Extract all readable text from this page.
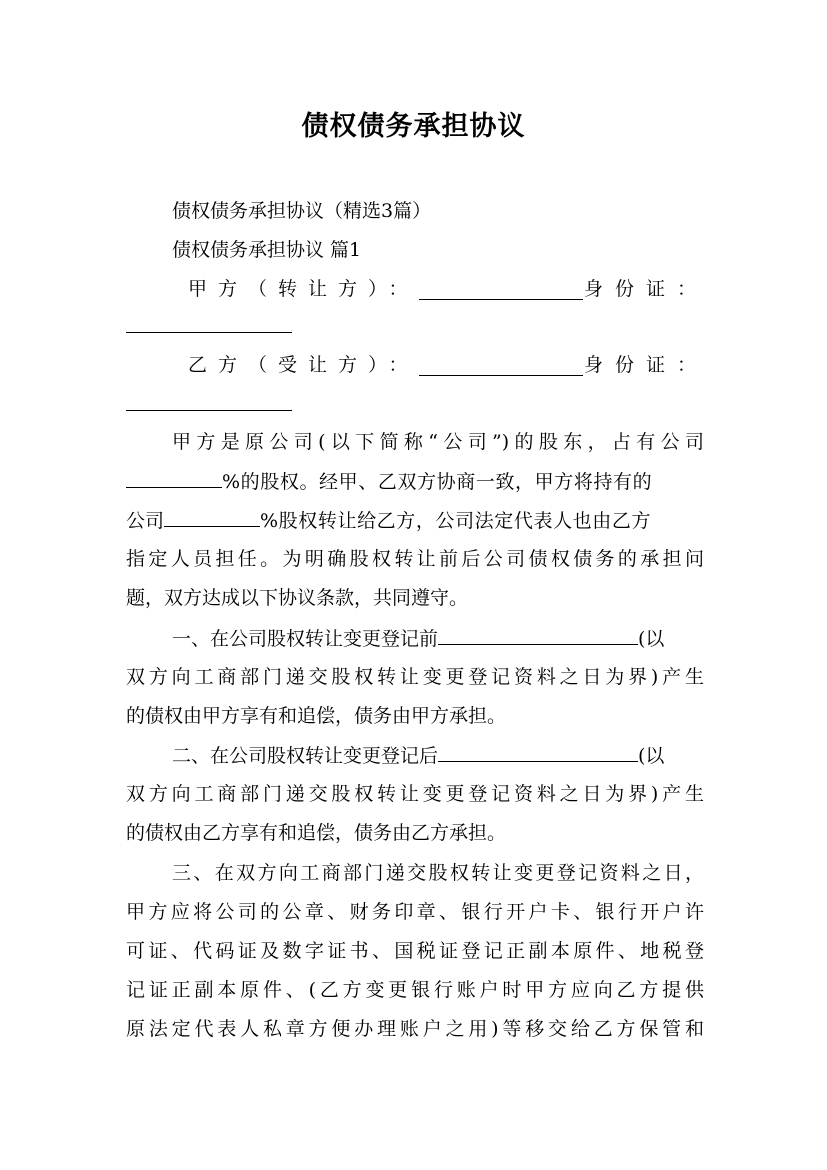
债权债务承担协议
债权债务承担协议（精选3篇）
债权债务承担协议 篇1
甲方（转让方）：	身份证：
乙方（受让方）：	身份证：
甲方是原公司(以下简称“公司”)的股东，占有公司
%的股权。经甲、乙双方协商一致，甲方将持有的
公司	%股权转让给乙方，公司法定代表人也由乙方
指定人员担任。为明确股权转让前后公司债权债务的承担问
题，双方达成以下协议条款，共同遵守。
一、在公司股权转让变更登记前	(以
双方向工商部门递交股权转让变更登记资料之日为界)产生
的债权由甲方享有和追偿，债务由甲方承担。
二、在公司股权转让变更登记后	(以
双方向工商部门递交股权转让变更登记资料之日为界)产生
的债权由乙方享有和追偿，债务由乙方承担。
三、在双方向工商部门递交股权转让变更登记资料之日，
甲方应将公司的公章、财务印章、银行开户卡、银行开户许
可证、代码证及数字证书、国税证登记正副本原件、地税登
记证正副本原件、(乙方变更银行账户时甲方应向乙方提供
原法定代表人私章方便办理账户之用)等移交给乙方保管和
